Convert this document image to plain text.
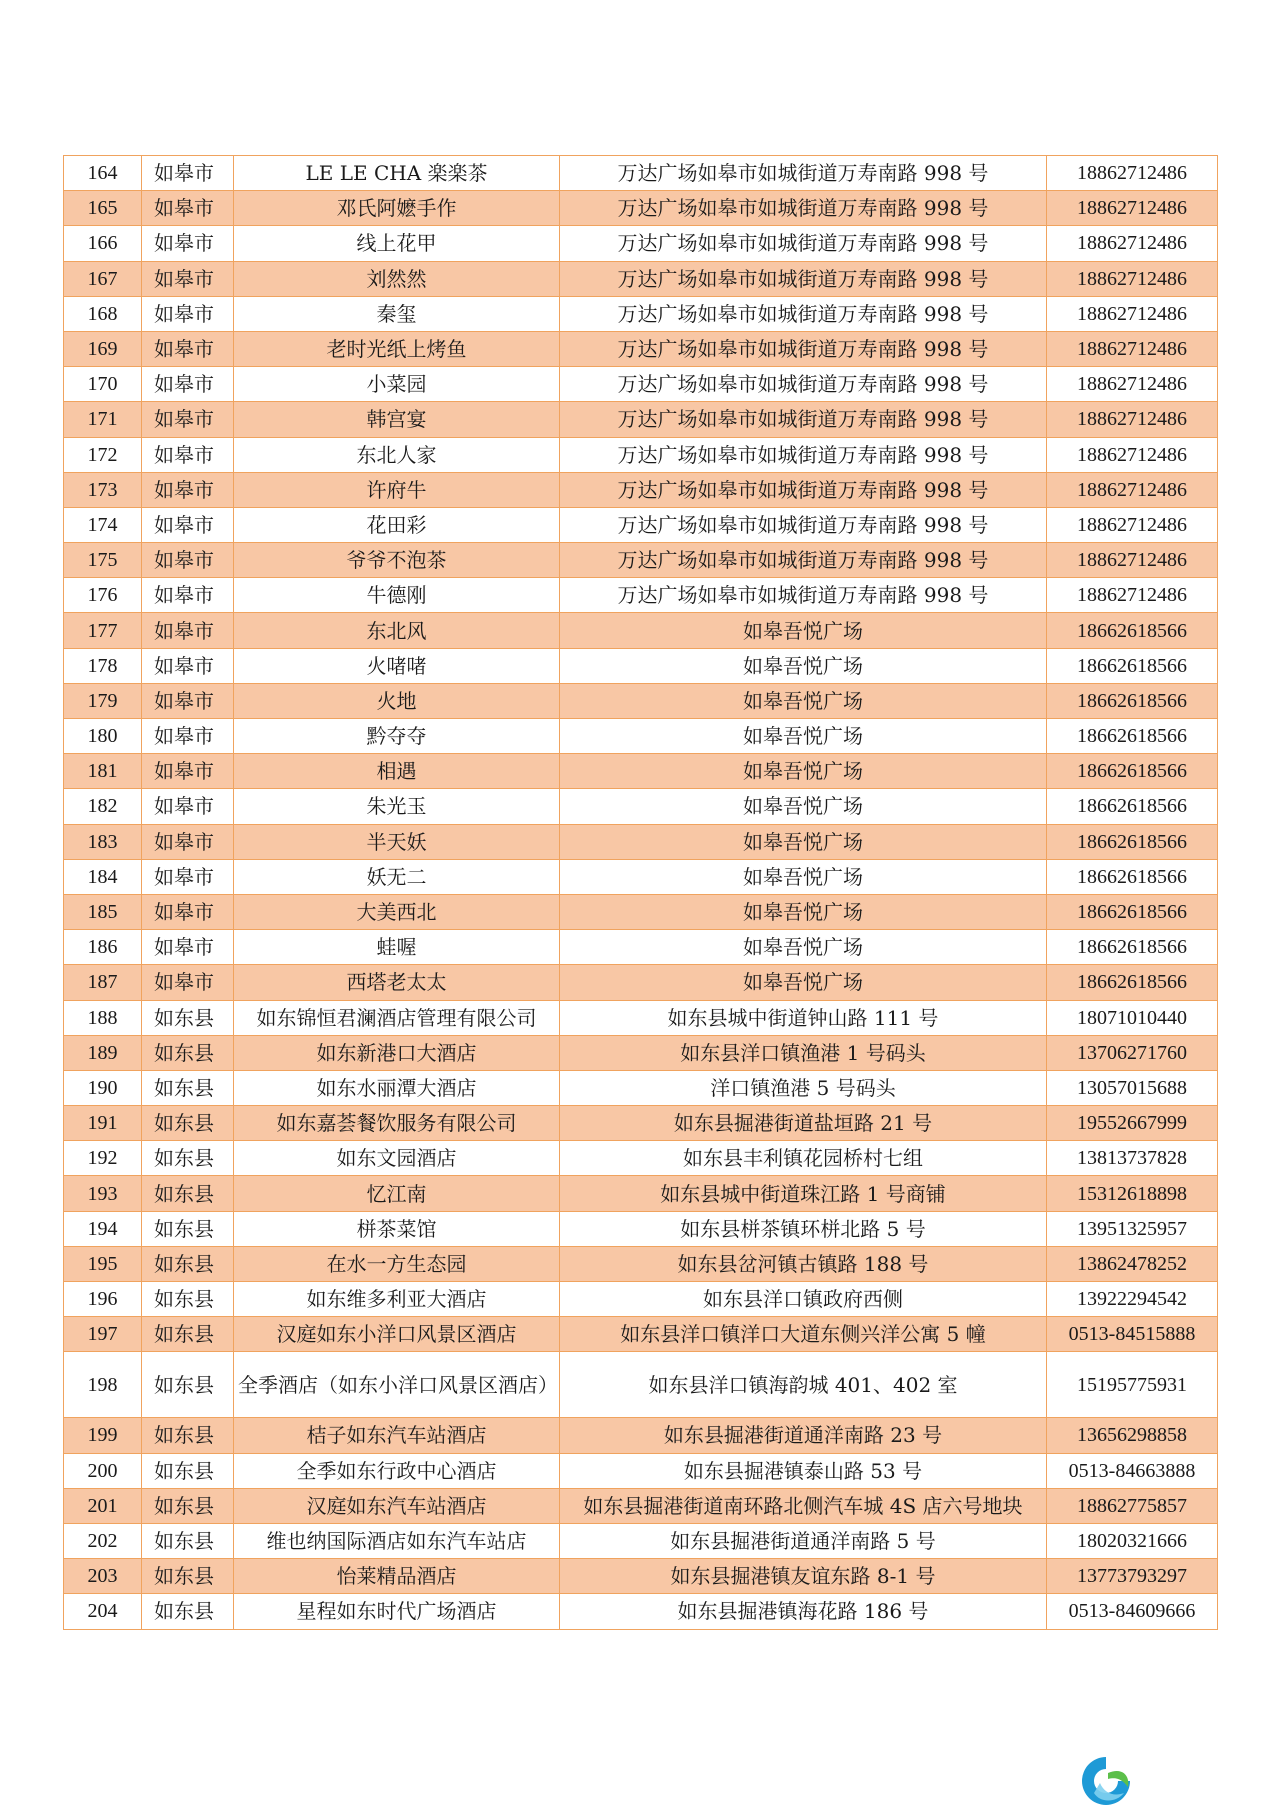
164	如皋市	LE LE CHA 楽楽茶	万达广场如皋市如城街道万寿南路 998 号	18862712486
165	如皋市	邓氏阿嬷手作	万达广场如皋市如城街道万寿南路 998 号	18862712486
166	如皋市	线上花甲	万达广场如皋市如城街道万寿南路 998 号	18862712486
167	如皋市	刘然然	万达广场如皋市如城街道万寿南路 998 号	18862712486
168	如皋市	秦玺	万达广场如皋市如城街道万寿南路 998 号	18862712486
169	如皋市	老时光纸上烤鱼	万达广场如皋市如城街道万寿南路 998 号	18862712486
170	如皋市	小菜园	万达广场如皋市如城街道万寿南路 998 号	18862712486
171	如皋市	韩宫宴	万达广场如皋市如城街道万寿南路 998 号	18862712486
172	如皋市	东北人家	万达广场如皋市如城街道万寿南路 998 号	18862712486
173	如皋市	许府牛	万达广场如皋市如城街道万寿南路 998 号	18862712486
174	如皋市	花田彩	万达广场如皋市如城街道万寿南路 998 号	18862712486
175	如皋市	爷爷不泡茶	万达广场如皋市如城街道万寿南路 998 号	18862712486
176	如皋市	牛德刚	万达广场如皋市如城街道万寿南路 998 号	18862712486
177	如皋市	东北风	如皋吾悦广场	18662618566
178	如皋市	火啫啫	如皋吾悦广场	18662618566
179	如皋市	火地	如皋吾悦广场	18662618566
180	如皋市	黔夺夺	如皋吾悦广场	18662618566
181	如皋市	相遇	如皋吾悦广场	18662618566
182	如皋市	朱光玉	如皋吾悦广场	18662618566
183	如皋市	半天妖	如皋吾悦广场	18662618566
184	如皋市	妖无二	如皋吾悦广场	18662618566
185	如皋市	大美西北	如皋吾悦广场	18662618566
186	如皋市	蛙喔	如皋吾悦广场	18662618566
187	如皋市	西塔老太太	如皋吾悦广场	18662618566
188	如东县	如东锦恒君澜酒店管理有限公司	如东县城中街道钟山路 111 号	18071010440
189	如东县	如东新港口大酒店	如东县洋口镇渔港 1 号码头	13706271760
190	如东县	如东水丽潭大酒店	洋口镇渔港 5 号码头	13057015688
191	如东县	如东嘉荟餐饮服务有限公司	如东县掘港街道盐垣路 21 号	19552667999
192	如东县	如东文园酒店	如东县丰利镇花园桥村七组	13813737828
193	如东县	忆江南	如东县城中街道珠江路 1 号商铺	15312618898
194	如东县	栟茶菜馆	如东县栟茶镇环栟北路 5 号	13951325957
195	如东县	在水一方生态园	如东县岔河镇古镇路 188 号	13862478252
196	如东县	如东维多利亚大酒店	如东县洋口镇政府西侧	13922294542
197	如东县	汉庭如东小洋口风景区酒店	如东县洋口镇洋口大道东侧兴洋公寓 5 幢	0513-84515888
198	如东县	全季酒店（如东小洋口风景区酒店）	如东县洋口镇海韵城 401、402 室	15195775931
199	如东县	桔子如东汽车站酒店	如东县掘港街道通洋南路 23 号	13656298858
200	如东县	全季如东行政中心酒店	如东县掘港镇泰山路 53 号	0513-84663888
201	如东县	汉庭如东汽车站酒店	如东县掘港街道南环路北侧汽车城 4S 店六号地块	18862775857
202	如东县	维也纳国际酒店如东汽车站店	如东县掘港街道通洋南路 5 号	18020321666
203	如东县	怡莱精品酒店	如东县掘港镇友谊东路 8-1 号	13773793297
204	如东县	星程如东时代广场酒店	如东县掘港镇海花路 186 号	0513-84609666
